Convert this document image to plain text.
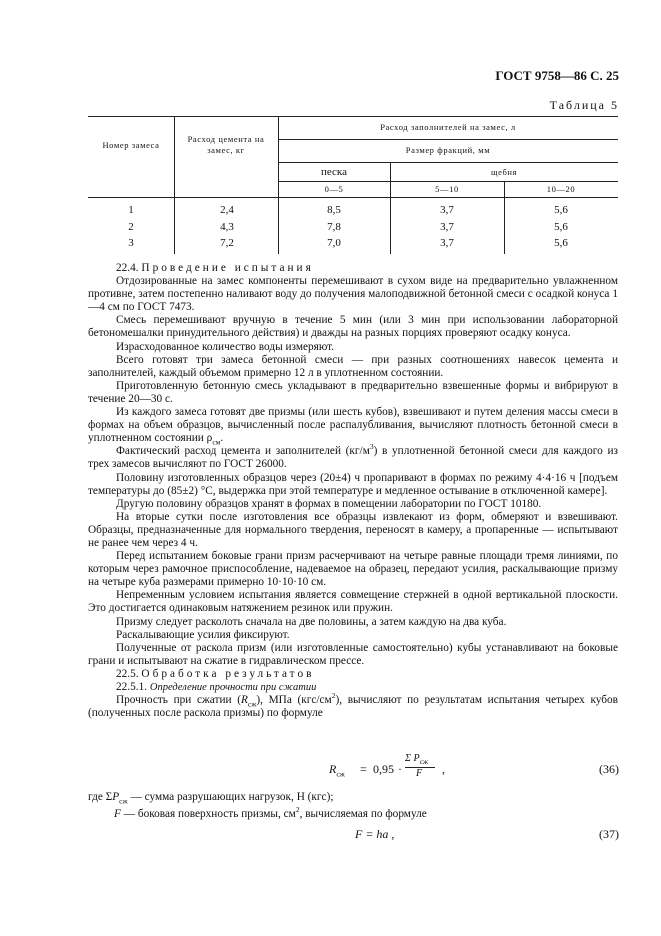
ГОСТ 9758—86 С. 25
Таблица 5
Номер замеса
Расход цемента на замес, кг
Расход заполнителей на замес, л
Размер фракций, мм
песка	щебня
0—5	5—10	10—20
1	2,4	8,5	3,7	5,6
2	4,3	7,8	3,7	5,6
3	7,2	7,0	3,7	5,6

22.4. Проведение испытания

Отдозированные на замес компоненты перемешивают в сухом виде на предварительно увлажненном противне, затем постепенно наливают воду до получения малоподвижной бетонной смеси с осадкой конуса 1—4 см по ГОСТ 7473.

Смесь перемешивают вручную в течение 5 мин (или 3 мин при использовании лабораторной бетономешалки принудительного действия) и дважды на разных порциях проверяют осадку конуса.

Израсходованное количество воды измеряют.

Всего готовят три замеса бетонной смеси — при разных соотношениях навесок цемента и заполнителей, каждый объемом примерно 12 л в уплотненном состоянии.

Приготовленную бетонную смесь укладывают в предварительно взвешенные формы и вибрируют в течение 20—30 с.

Из каждого замеса готовят две призмы (или шесть кубов), взвешивают и путем деления массы смеси в формах на объем образцов, вычисленный после распалубливания, вычисляют плотность бетонной смеси в уплотненном состоянии $\rho_{см}$.

Фактический расход цемента и заполнителей $(кг/м^3)$ в уплотненной бетонной смеси для каждого из трех замесов вычисляют по ГОСТ 26000.

Половину изготовленных образцов через (20±4) ч пропаривают в формах по режиму 4·4·16 ч [подъем температуры до (85±2) °С, выдержка при этой температуре и медленное остывание в отключенной камере].

Другую половину образцов хранят в формах в помещении лаборатории по ГОСТ 10180.

На вторые сутки после изготовления все образцы извлекают из форм, обмеряют и взвешивают. Образцы, предназначенные для нормального твердения, переносят в камеру, а пропаренные — испытывают не ранее чем через 4 ч.

Перед испытанием боковые грани призм расчерчивают на четыре равные площади тремя линиями, по которым через рамочное приспособление, надеваемое на образец, передают усилия, раскалывающие призму на четыре куба размерами примерно 10·10·10 см.

Непременным условием испытания является совмещение стержней в одной вертикальной плоскости. Это достигается одинаковым натяжением резинок или пружин.

Призму следует расколоть сначала на две половины, а затем каждую на два куба.

Раскалывающие усилия фиксируют.

Полученные от раскола призм (или изготовленные самостоятельно) кубы устанавливают на боковые грани и испытывают на сжатие в гидравлическом прессе.

22.5. Обработка результатов

22.5.1. Определение прочности при сжатии

Прочность при сжатии $(R_{сж})$, МПа $(кгс/см^2)$, вычисляют по результатам испытания четырех кубов (полученных после раскола призмы) по формуле

$R_{сж} = 0,95$ ·
Σ $P_{сж}$
F ,	(36)
где $\Sigma P_{сж}$ — сумма разрушающих нагрузок, Н (кгс);
F — боковая поверхность призмы, $см^2$, вычисляемая по формуле
F = ha ,	(37)
